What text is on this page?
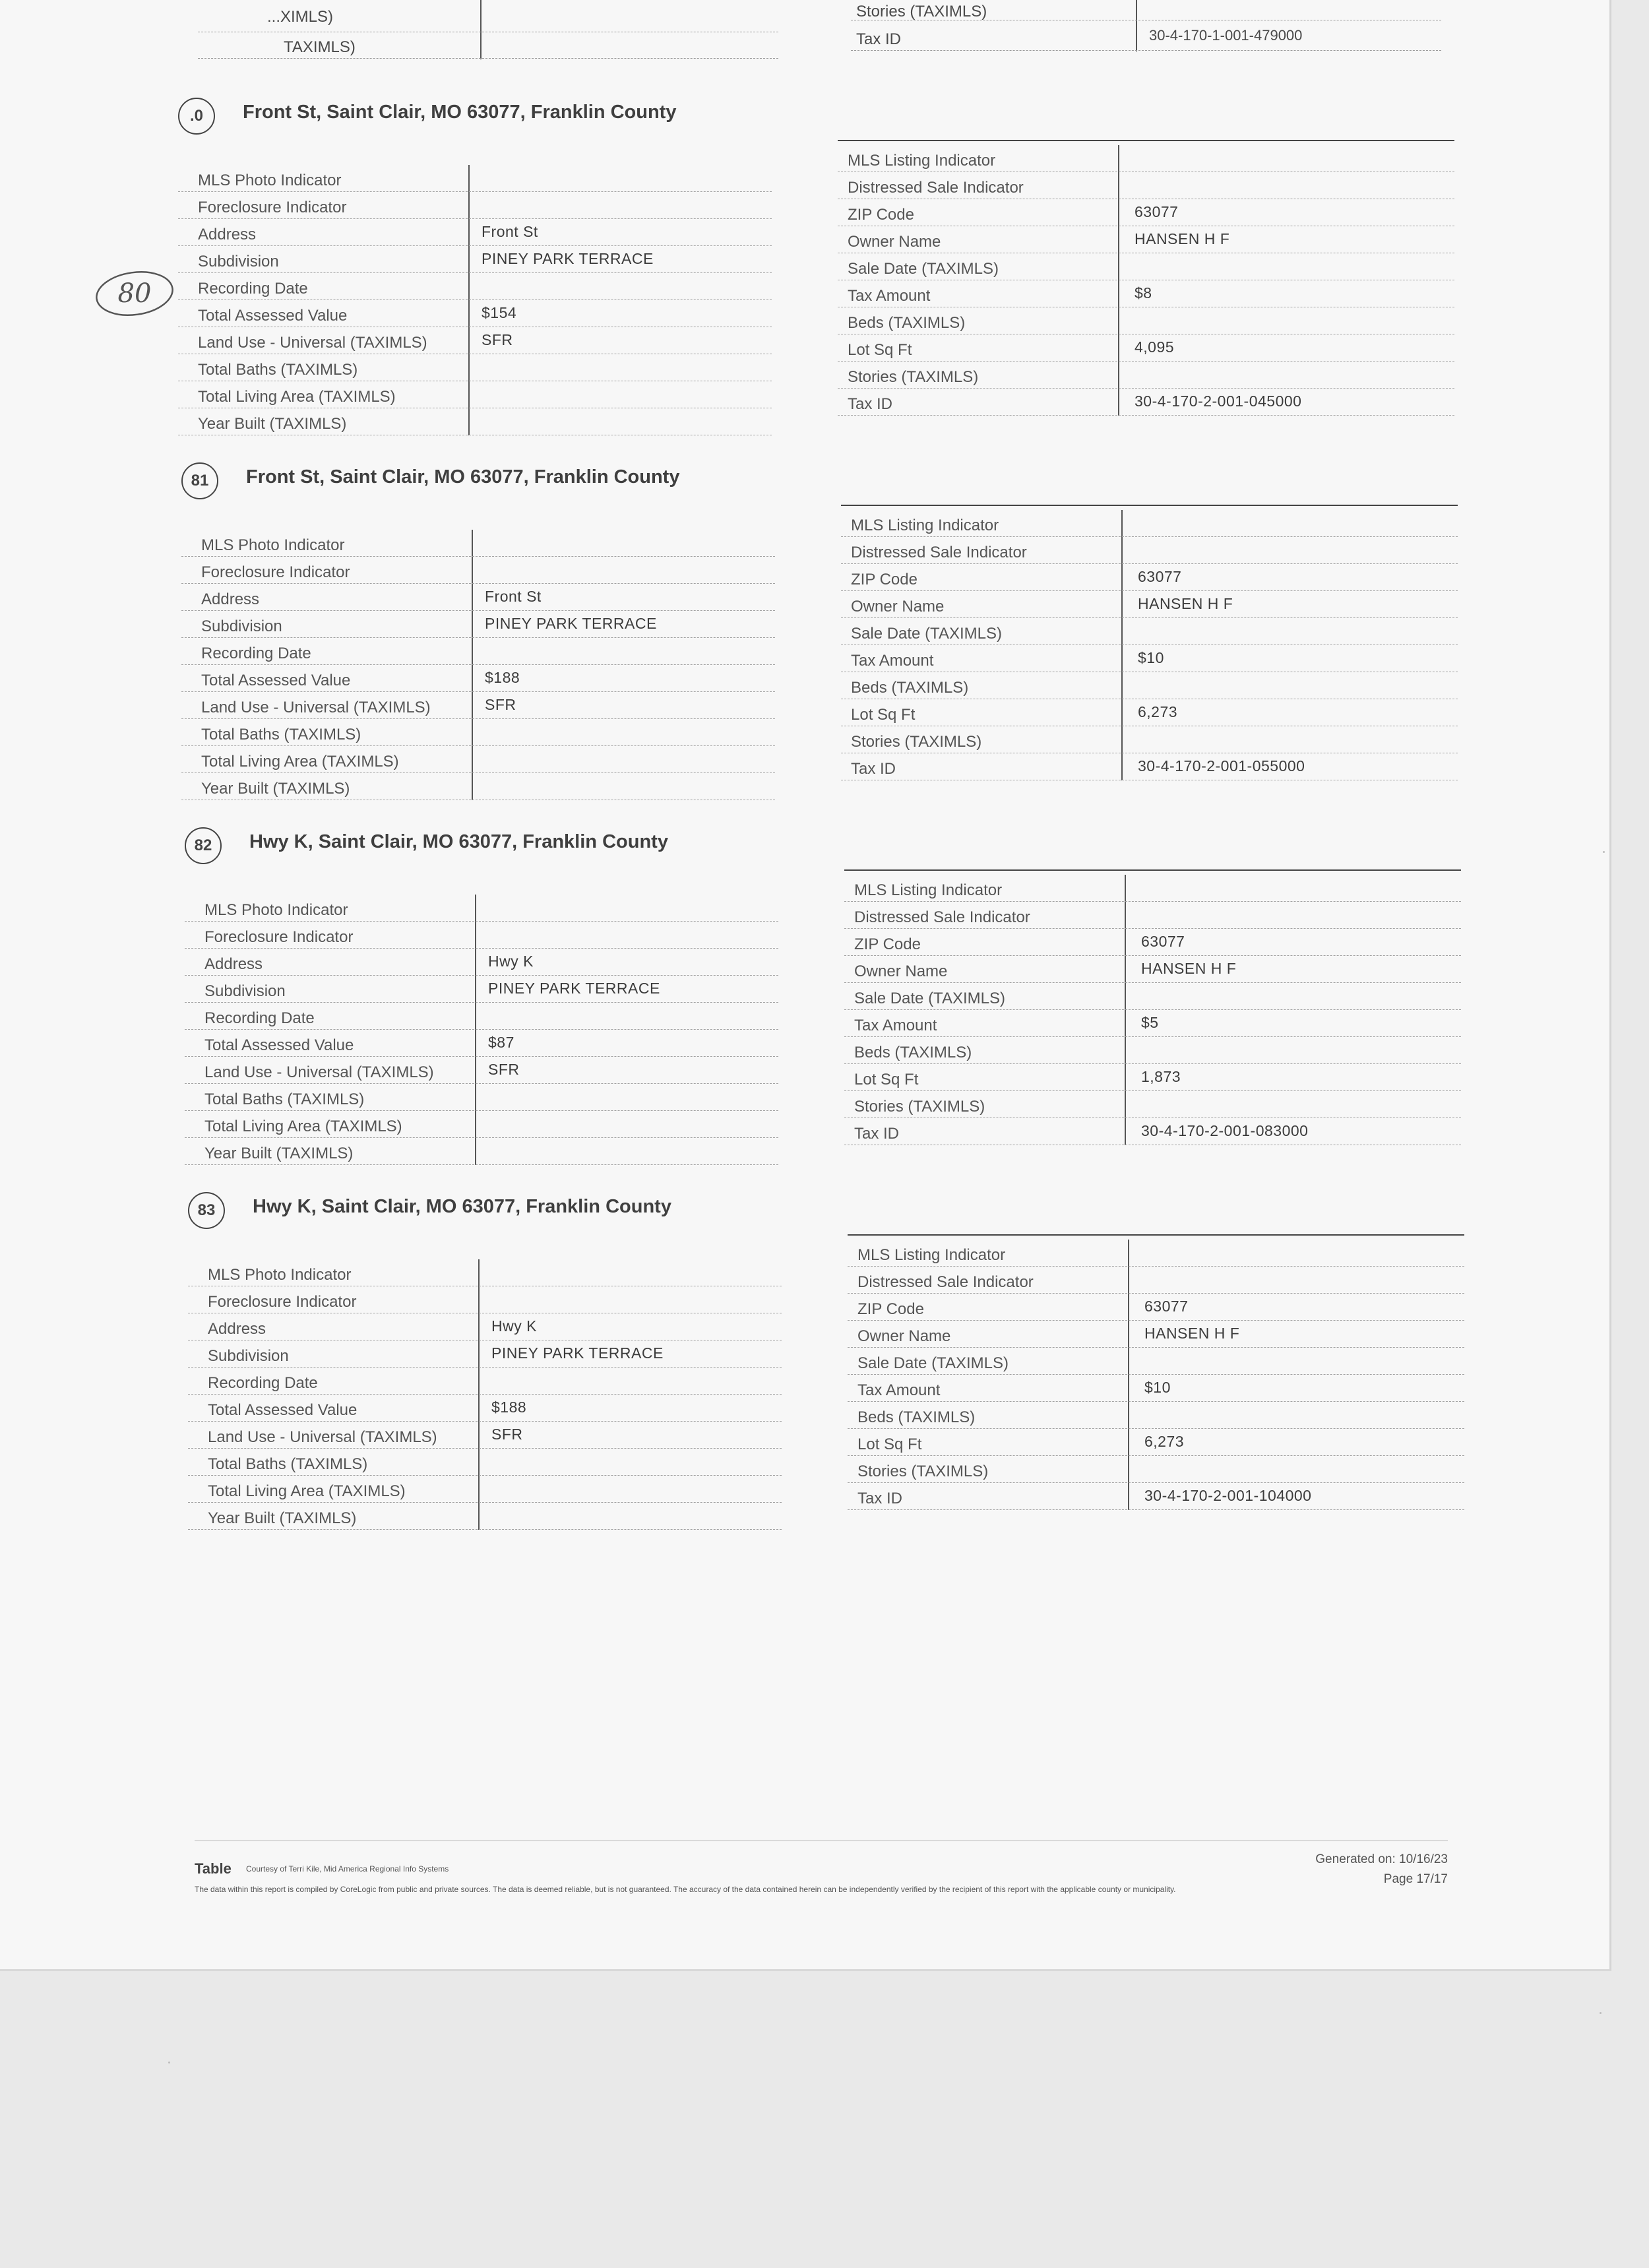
...XIMLS)
TAXIMLS)
Stories (TAXIMLS)
Tax ID	30-4-170-1-001-479000
80
.0	Front St, Saint Clair, MO 63077, Franklin County
MLS Photo Indicator
Foreclosure Indicator
Address	Front St
Subdivision	PINEY PARK TERRACE
Recording Date
Total Assessed Value	$154
Land Use - Universal (TAXIMLS)	SFR
Total Baths (TAXIMLS)
Total Living Area (TAXIMLS)
Year Built (TAXIMLS)
MLS Listing Indicator
Distressed Sale Indicator
ZIP Code	63077
Owner Name	HANSEN H F
Sale Date (TAXIMLS)
Tax Amount	$8
Beds (TAXIMLS)
Lot Sq Ft	4,095
Stories (TAXIMLS)
Tax ID	30-4-170-2-001-045000
81	Front St, Saint Clair, MO 63077, Franklin County
MLS Photo Indicator
Foreclosure Indicator
Address	Front St
Subdivision	PINEY PARK TERRACE
Recording Date
Total Assessed Value	$188
Land Use - Universal (TAXIMLS)	SFR
Total Baths (TAXIMLS)
Total Living Area (TAXIMLS)
Year Built (TAXIMLS)
MLS Listing Indicator
Distressed Sale Indicator
ZIP Code	63077
Owner Name	HANSEN H F
Sale Date (TAXIMLS)
Tax Amount	$10
Beds (TAXIMLS)
Lot Sq Ft	6,273
Stories (TAXIMLS)
Tax ID	30-4-170-2-001-055000
82	Hwy K, Saint Clair, MO 63077, Franklin County
MLS Photo Indicator
Foreclosure Indicator
Address	Hwy K
Subdivision	PINEY PARK TERRACE
Recording Date
Total Assessed Value	$87
Land Use - Universal (TAXIMLS)	SFR
Total Baths (TAXIMLS)
Total Living Area (TAXIMLS)
Year Built (TAXIMLS)
MLS Listing Indicator
Distressed Sale Indicator
ZIP Code	63077
Owner Name	HANSEN H F
Sale Date (TAXIMLS)
Tax Amount	$5
Beds (TAXIMLS)
Lot Sq Ft	1,873
Stories (TAXIMLS)
Tax ID	30-4-170-2-001-083000
83	Hwy K, Saint Clair, MO 63077, Franklin County
MLS Photo Indicator
Foreclosure Indicator
Address	Hwy K
Subdivision	PINEY PARK TERRACE
Recording Date
Total Assessed Value	$188
Land Use - Universal (TAXIMLS)	SFR
Total Baths (TAXIMLS)
Total Living Area (TAXIMLS)
Year Built (TAXIMLS)
MLS Listing Indicator
Distressed Sale Indicator
ZIP Code	63077
Owner Name	HANSEN H F
Sale Date (TAXIMLS)
Tax Amount	$10
Beds (TAXIMLS)
Lot Sq Ft	6,273
Stories (TAXIMLS)
Tax ID	30-4-170-2-001-104000
Table Courtesy of Terri Kile, Mid America Regional Info Systems
The data within this report is compiled by CoreLogic from public and private sources. The data is deemed reliable, but is not guaranteed. The accuracy of the data contained herein can be independently verified by the recipient of this report with the applicable county or municipality.
Generated on: 10/16/23
Page 17/17
